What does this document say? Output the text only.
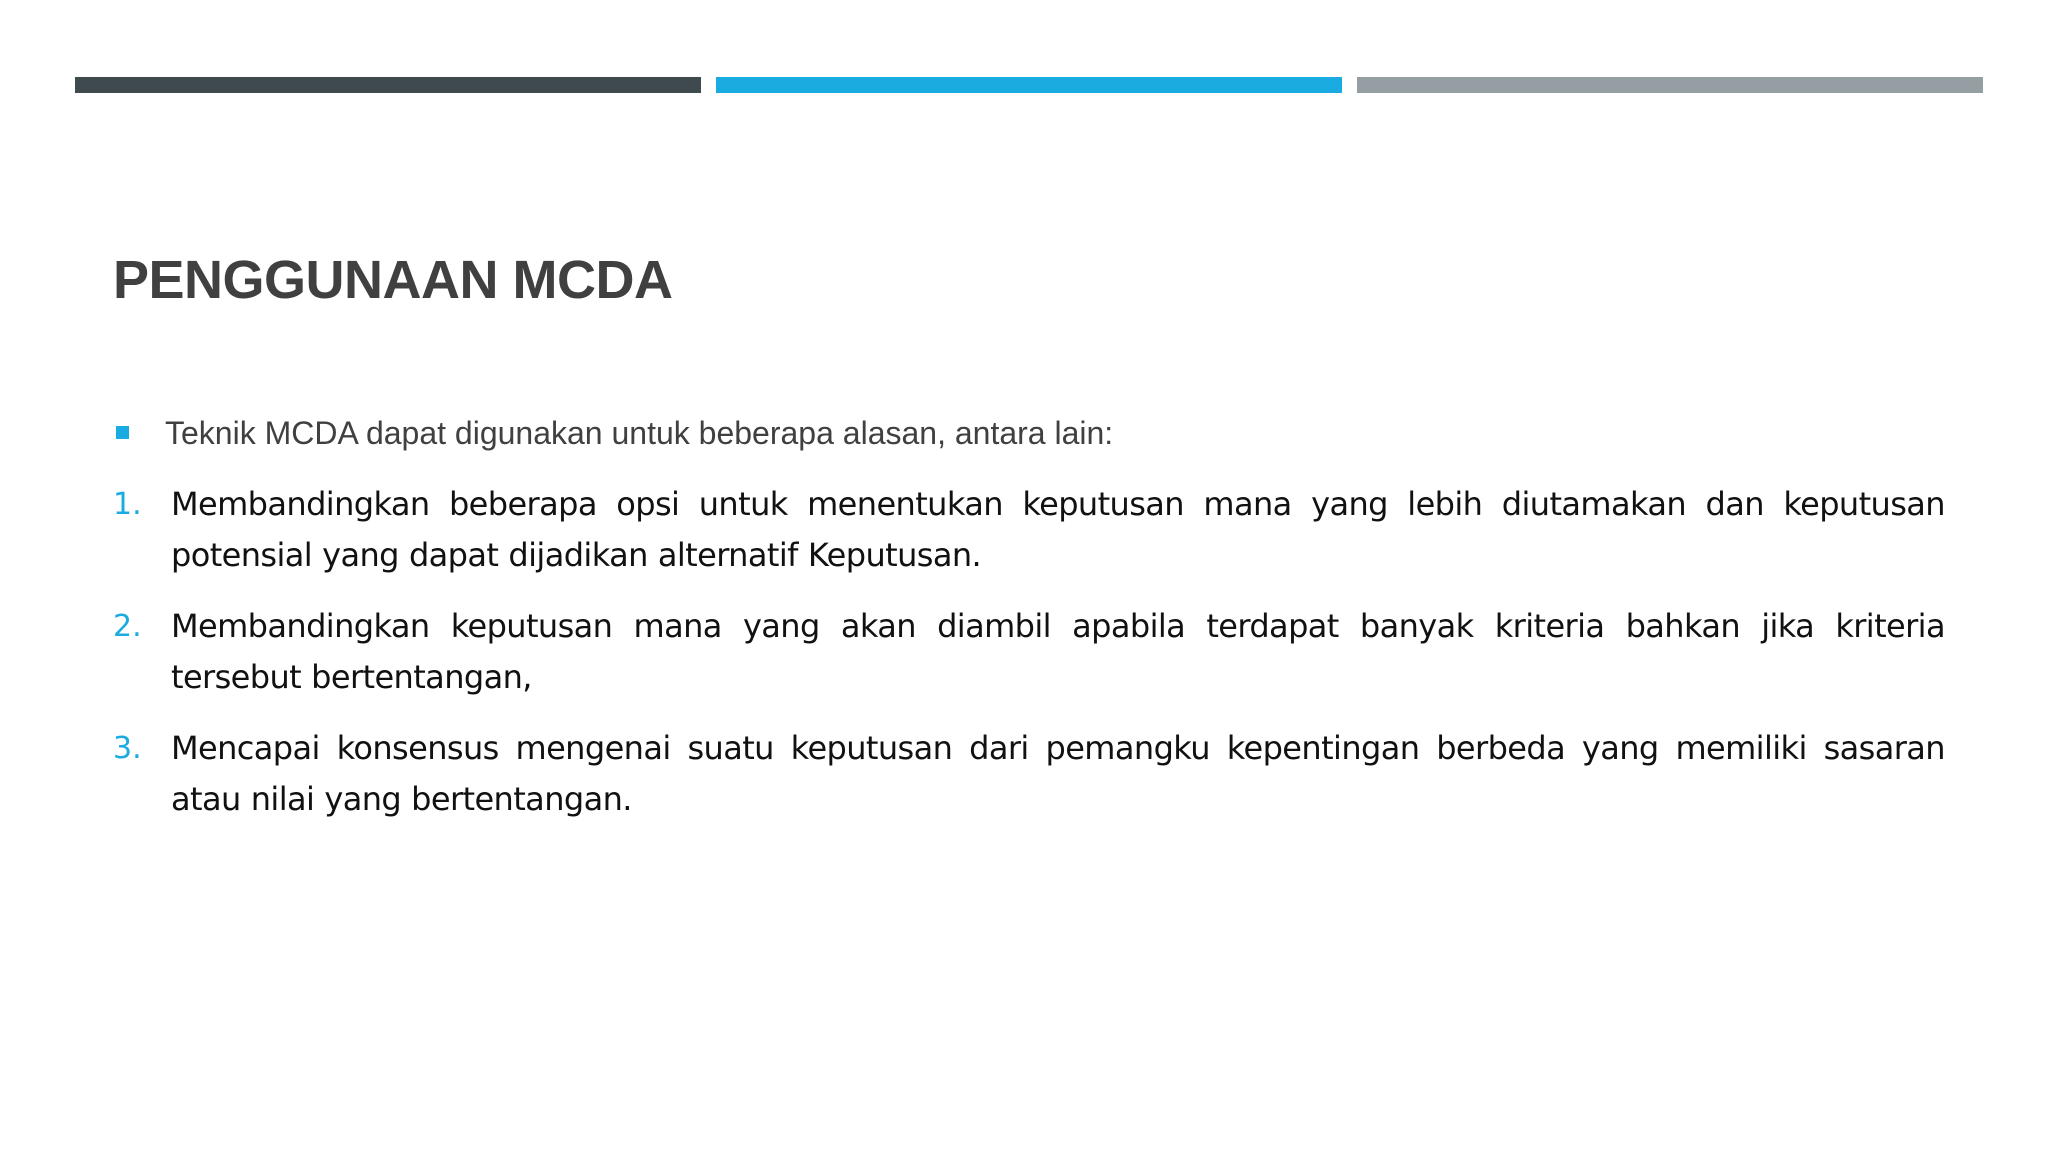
PENGGUNAAN MCDA
Teknik MCDA dapat digunakan untuk beberapa alasan, antara lain:
1. Membandingkan beberapa opsi untuk menentukan keputusan mana yang lebih diutamakan dan keputusan potensial yang dapat dijadikan alternatif Keputusan.
2. Membandingkan keputusan mana yang akan diambil apabila terdapat banyak kriteria bahkan jika kriteria tersebut bertentangan,
3. Mencapai konsensus mengenai suatu keputusan dari pemangku kepentingan berbeda yang memiliki sasaran atau nilai yang bertentangan.
